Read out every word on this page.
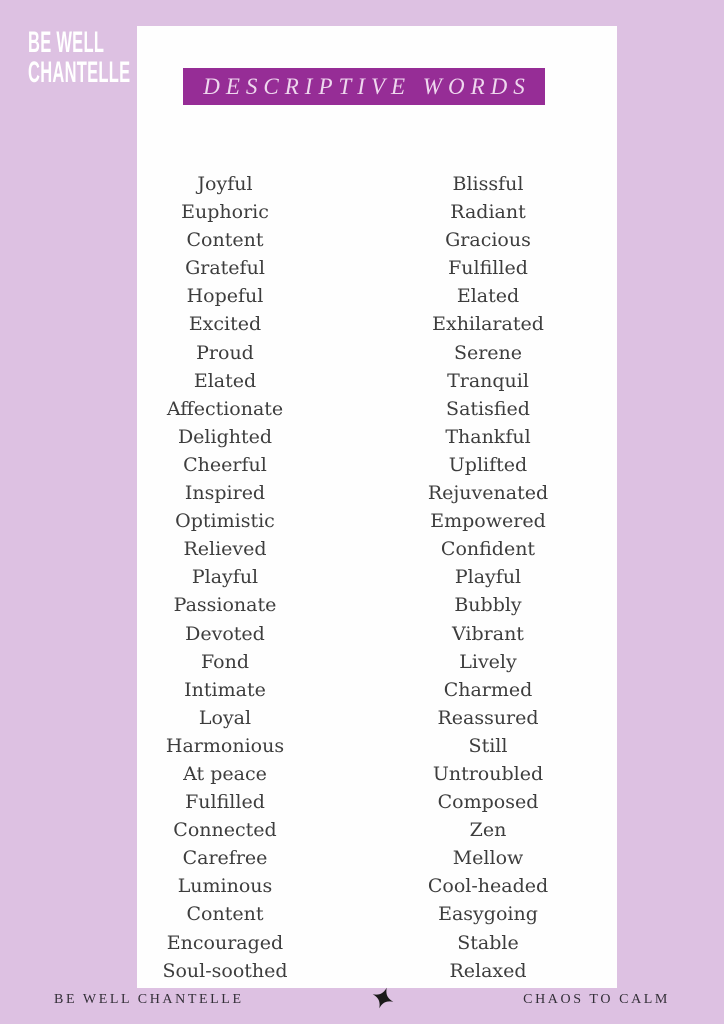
BE WELL
CHANTELLE	DESCRIPTIVE WORDS
Joyful
Euphoric
Content
Grateful
Hopeful
Excited
Proud
Elated
Affectionate
Delighted
Cheerful
Inspired
Optimistic
Relieved
Playful
Passionate
Devoted
Fond
Intimate
Loyal
Harmonious
At peace
Fulfilled
Connected
Carefree
Luminous
Content
Encouraged
Soul-soothed
Blissful
Radiant
Gracious
Fulfilled
Elated
Exhilarated
Serene
Tranquil
Satisfied
Thankful
Uplifted
Rejuvenated
Empowered
Confident
Playful
Bubbly
Vibrant
Lively
Charmed
Reassured
Still
Untroubled
Composed
Zen
Mellow
Cool-headed
Easygoing
Stable
Relaxed
BE WELL CHANTELLE	CHAOS TO CALM
